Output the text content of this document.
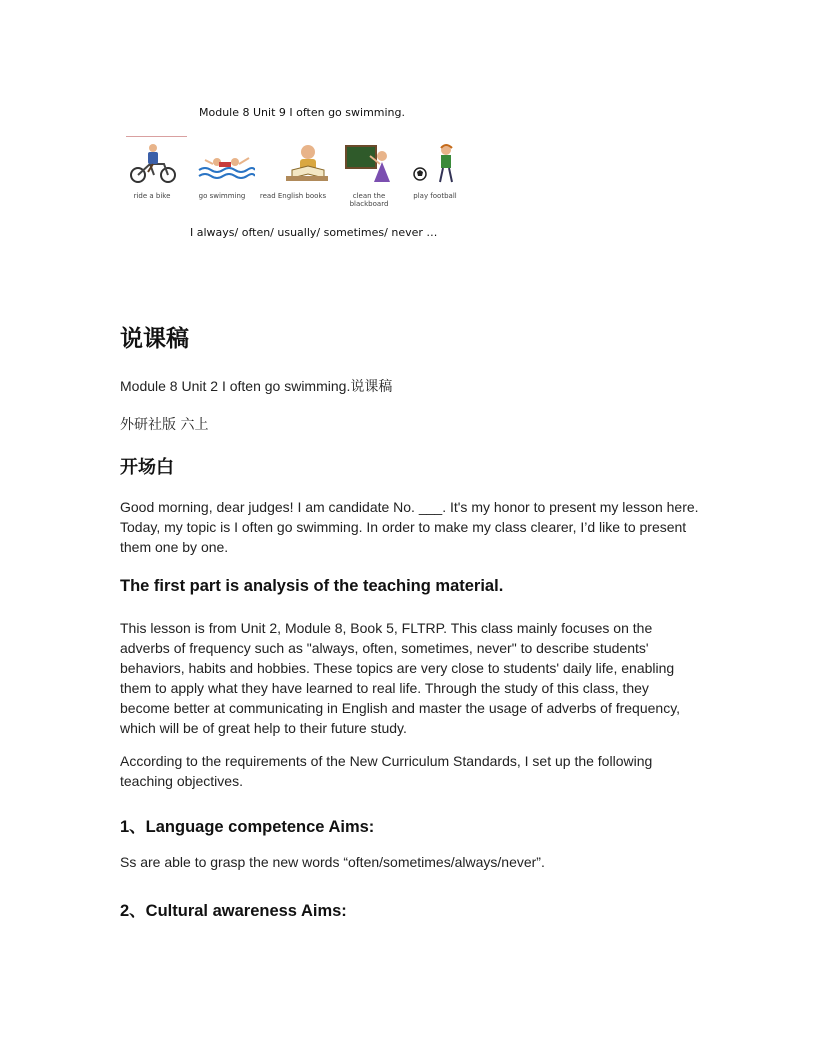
Module 8 Unit 9 I often go swimming.
ride a bike	go swimming	read English books	clean the blackboard
play football
I always/ often/ usually/ sometimes/ never …
说课稿
Module 8 Unit 2 I often go swimming.说课稿
外研社版 六上
开场白

Good morning, dear judges! I am candidate No. ___. It's my honor to present my lesson here. Today, my topic is I often go swimming. In order to make my class clearer, I’d like to present them one by one.

The first part is analysis of the teaching material.

This lesson is from Unit 2, Module 8, Book 5, FLTRP. This class mainly focuses on the adverbs of frequency such as "always, often, sometimes, never" to describe students' behaviors, habits and hobbies. These topics are very close to students' daily life, enabling them to apply what they have learned to real life. Through the study of this class, they become better at communicating in English and master the usage of adverbs of frequency, which will be of great help to their future study.

According to the requirements of the New Curriculum Standards, I set up the following teaching objectives.

1、Language competence Aims:
Ss are able to grasp the new words “often/sometimes/always/never”.
2、Cultural awareness Aims:
